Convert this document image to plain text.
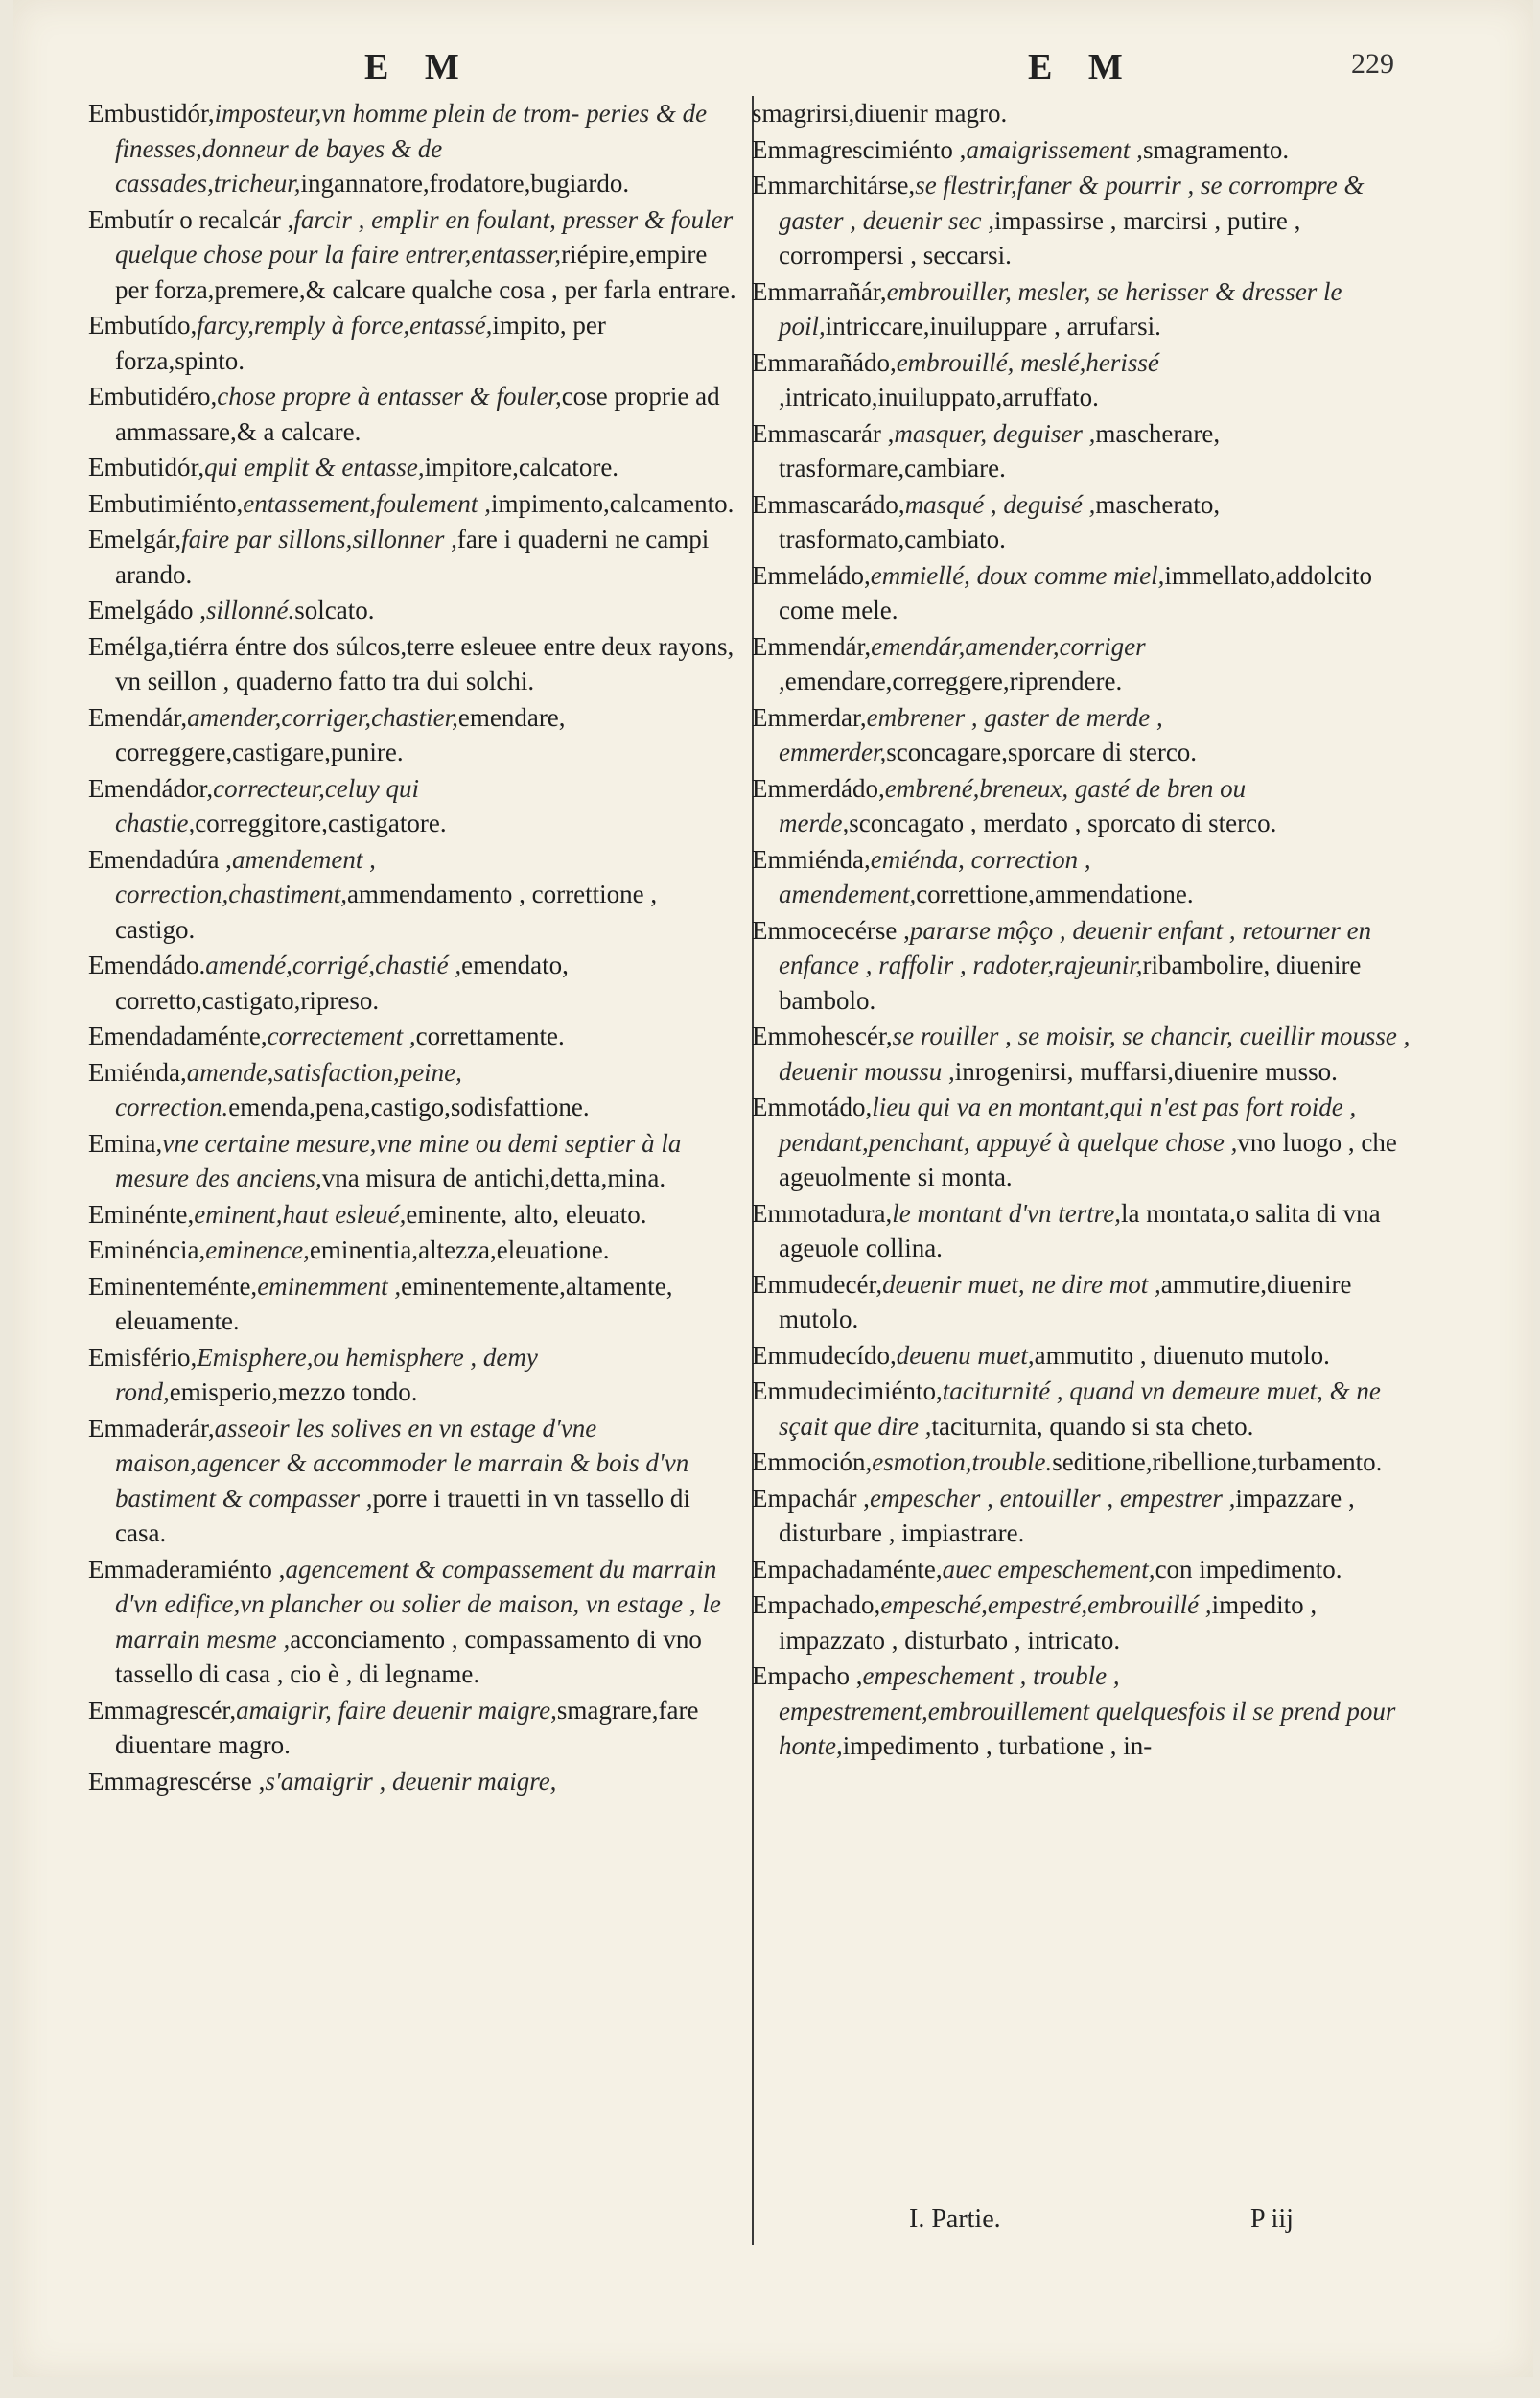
E M	E M	229

Embustidór,imposteur,vn homme plein de trom- peries & de finesses,donneur de bayes & de cassades,tricheur,ingannatore,frodatore,bugiardo.

Embutír o recalcár ,farcir , emplir en foulant, presser & fouler quelque chose pour la faire entrer,entasser,riépire,empire per forza,premere,& calcare qualche cosa , per farla entrare.

Embutído,farcy,remply à force,entassé,impito, per forza,spinto.

Embutidéro,chose propre à entasser & fouler,cose proprie ad ammassare,& a calcare.

Embutidór,qui emplit & entasse,impitore,calcatore.

Embutimiénto,entassement,foulement ,impimento,calcamento.

Emelgár,faire par sillons,sillonner ,fare i quaderni ne campi arando.

Emelgádo ,sillonné.solcato.

Emélga,tiérra éntre dos súlcos,terre esleuee entre deux rayons, vn seillon , quaderno fatto tra dui solchi.

Emendár,amender,corriger,chastier,emendare, correggere,castigare,punire.

Emendádor,correcteur,celuy qui chastie,correggitore,castigatore.

Emendadúra ,amendement , correction,chastiment,ammendamento , correttione , castigo.

Emendádo.amendé,corrigé,chastié ,emendato, corretto,castigato,ripreso.

Emendadaménte,correctement ,correttamente.

Emiénda,amende,satisfaction,peine, correction.emenda,pena,castigo,sodisfattione.

Emina,vne certaine mesure,vne mine ou demi septier à la mesure des anciens,vna misura de antichi,detta,mina.

Eminénte,eminent,haut esleué,eminente, alto, eleuato.

Eminéncia,eminence,eminentia,altezza,eleuatione.

Eminenteménte,eminemment ,eminentemente,altamente, eleuamente.

Emisfério,Emisphere,ou hemisphere , demy rond,emisperio,mezzo tondo.

Emmaderár,asseoir les solives en vn estage d'vne maison,agencer & accommoder le marrain & bois d'vn bastiment & compasser ,porre i trauetti in vn tassello di casa.

Emmaderamiénto ,agencement & compassement du marrain d'vn edifice,vn plancher ou solier de maison, vn estage , le marrain mesme ,acconciamento , compassamento di vno tassello di casa , cio è , di legname.

Emmagrescér,amaigrir, faire deuenir maigre,smagrare,fare diuentare magro.

Emmagrescérse ,s'amaigrir , deuenir maigre,

smagrirsi,diuenir magro.

Emmagrescimiénto ,amaigrissement ,smagramento.

Emmarchitárse,se flestrir,faner & pourrir , se corrompre & gaster , deuenir sec ,impassirse , marcirsi , putire , corrompersi , seccarsi.

Emmarrañár,embrouiller, mesler, se herisser & dresser le poil,intriccare,inuiluppare , arrufarsi.

Emmarañádo,embrouillé, meslé,herissé ,intricato,inuiluppato,arruffato.

Emmascarár ,masquer, deguiser ,mascherare, trasformare,cambiare.

Emmascarádo,masqué , deguisé ,mascherato, trasformato,cambiato.

Emmeládo,emmiellé, doux comme miel,immellato,addolcito come mele.

Emmendár,emendár,amender,corriger ,emendare,correggere,riprendere.

Emmerdar,embrener , gaster de merde , emmerder,sconcagare,sporcare di sterco.

Emmerdádo,embrené,breneux, gasté de bren ou merde,sconcagato , merdato , sporcato di sterco.

Emmiénda,emiénda, correction , amendement,correttione,ammendatione.

Emmocecérse ,pararse mộço , deuenir enfant , retourner en enfance , raffolir , radoter,rajeunir,ribambolire, diuenire bambolo.

Emmohescér,se rouiller , se moisir, se chancir, cueillir mousse , deuenir moussu ,inrogenirsi, muffarsi,diuenire musso.

Emmotádo,lieu qui va en montant,qui n'est pas fort roide , pendant,penchant, appuyé à quelque chose ,vno luogo , che ageuolmente si monta.

Emmotadura,le montant d'vn tertre,la montata,o salita di vna ageuole collina.

Emmudecér,deuenir muet, ne dire mot ,ammutire,diuenire mutolo.

Emmudecído,deuenu muet,ammutito , diuenuto mutolo.

Emmudecimiénto,taciturnité , quand vn demeure muet, & ne sçait que dire ,taciturnita, quando si sta cheto.

Emmoción,esmotion,trouble.seditione,ribellione,turbamento.

Empachár ,empescher , entouiller , empestrer ,impazzare , disturbare , impiastrare.

Empachadaménte,auec empeschement,con impedimento.

Empachado,empesché,empestré,embrouillé ,impedito , impazzato , disturbato , intricato.

Empacho ,empeschement , trouble , empestrement,embrouillement quelquesfois il se prend pour honte,impedimento , turbatione , in-

I. Partie.	P iij
